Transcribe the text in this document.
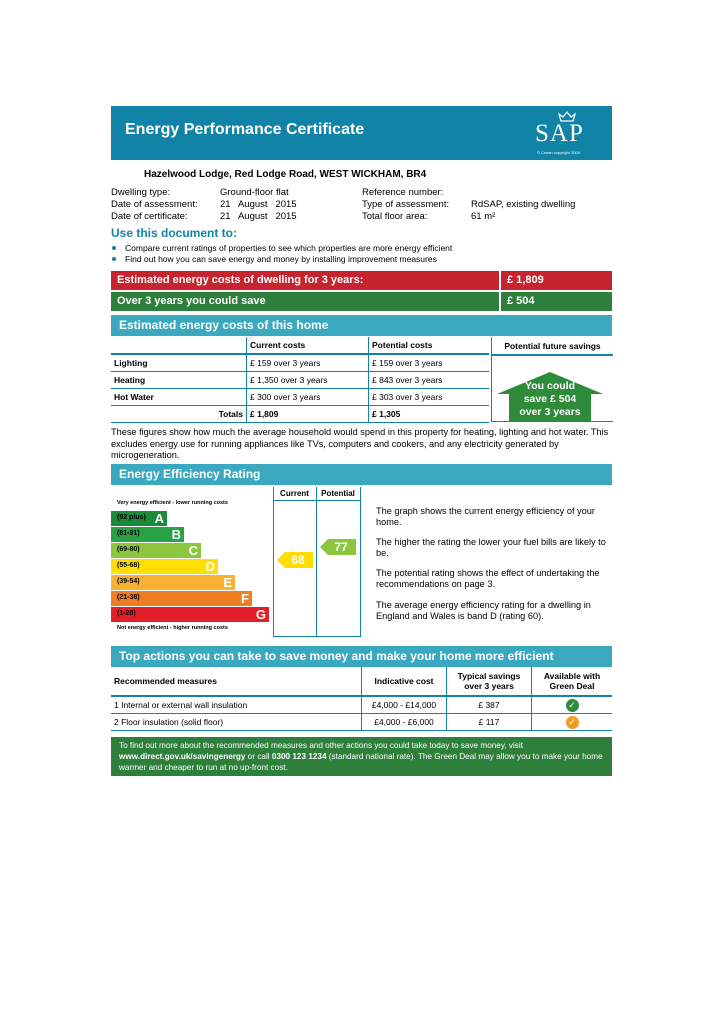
Energy Performance Certificate	SAP
© Crown copyright 2009
Hazelwood Lodge, Red Lodge Road, WEST WICKHAM, BR4
Dwelling type:	Ground-floor flat
Date of assessment: 21   August   2015
Date of certificate:	21   August   2015
Reference number:
Type of assessment: RdSAP, existing dwelling
Total floor area:	61 m²
Use this document to:
Compare current ratings of properties to see which properties are more energy efficient
Find out how you can save energy and money by installing improvement measures
Estimated energy costs of dwelling for 3 years:	£ 1,809
Over 3 years you could save	£ 504
Estimated energy costs of this home
	Current costs	Potential costs
Lighting	£ 159 over 3 years	£ 159 over 3 years
Heating	£ 1,350 over 3 years	£ 843 over 3 years
Hot Water	£ 300 over 3 years	£ 303 over 3 years
Totals	£ 1,809	£ 1,305
Potential future savings
You could
save £ 504
over 3 years
These figures show how much the average household would spend in this property for heating, lighting and hot water. This excludes energy use for running appliances like TVs, computers and cookers, and any electricity generated by microgeneration.
Energy Efficiency Rating
Very energy efficient - lower running costs
(92 plus) A
(81-91) B
(69-80)	C
(55-68)	D
(39-54)	E
(21-38)	F
(1-20)	G
Not energy efficient - higher running costs
Current	Potential
68
77
The graph shows the current energy efficiency of your home.
The higher the rating the lower your fuel bills are likely to be.
The potential rating shows the effect of undertaking the recommendations on page 3.
The average energy efficiency rating for a dwelling in England and Wales is band D (rating 60).
Top actions you can take to save money and make your home more efficient
Recommended measures	Indicative cost	Typical savings over 3 years	Available with Green Deal
1 Internal or external wall insulation	£4,000 - £14,000	£ 387	✓
2 Floor insulation (solid floor)	£4,000 - £6,000	£ 117	✓
To find out more about the recommended measures and other actions you could take today to save money, visit www.direct.gov.uk/savingenergy or call 0300 123 1234 (standard national rate). The Green Deal may allow you to make your home warmer and cheaper to run at no up-front cost.
